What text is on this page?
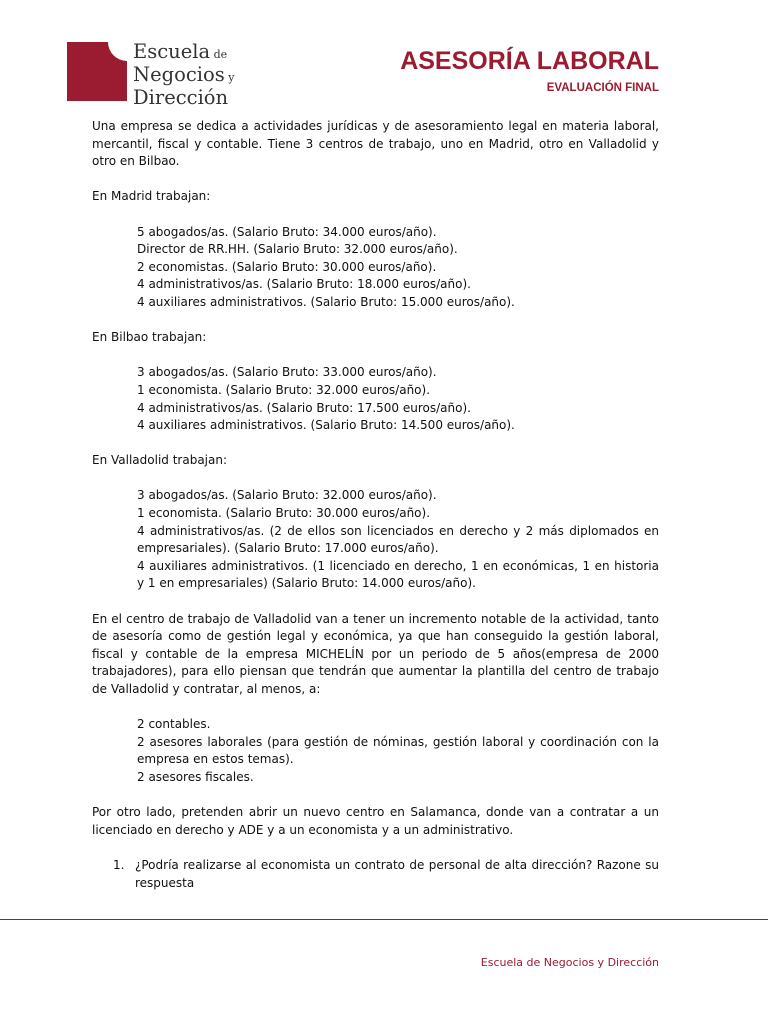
Escuela de
Negocios y
Dirección
ASESORÍA LABORAL
EVALUACIÓN FINAL

Una empresa se dedica a actividades jurídicas y de asesoramiento legal en materia laboral, mercantil, fiscal y contable. Tiene 3 centros de trabajo, uno en Madrid, otro en Valladolid y otro en Bilbao.

En Madrid trabajan:

5 abogados/as. (Salario Bruto: 34.000 euros/año).
Director de RR.HH. (Salario Bruto: 32.000 euros/año).
2 economistas. (Salario Bruto: 30.000 euros/año).
4 administrativos/as. (Salario Bruto: 18.000 euros/año).
4 auxiliares administrativos. (Salario Bruto: 15.000 euros/año).

En Bilbao trabajan:

3 abogados/as. (Salario Bruto: 33.000 euros/año).
1 economista. (Salario Bruto: 32.000 euros/año).
4 administrativos/as. (Salario Bruto: 17.500 euros/año).
4 auxiliares administrativos. (Salario Bruto: 14.500 euros/año).

En Valladolid trabajan:

3 abogados/as. (Salario Bruto: 32.000 euros/año).
1 economista. (Salario Bruto: 30.000 euros/año).
4 administrativos/as. (2 de ellos son licenciados en derecho y 2 más diplomados en empresariales). (Salario Bruto: 17.000 euros/año).
4 auxiliares administrativos. (1 licenciado en derecho, 1 en económicas, 1 en historia y 1 en empresariales) (Salario Bruto: 14.000 euros/año).

En el centro de trabajo de Valladolid van a tener un incremento notable de la actividad, tanto de asesoría como de gestión legal y económica, ya que han conseguido la gestión laboral, fiscal y contable de la empresa MICHELÍN por un periodo de 5 años(empresa de 2000 trabajadores), para ello piensan que tendrán que aumentar la plantilla del centro de trabajo de Valladolid y contratar, al menos, a:

2 contables.
2 asesores laborales (para gestión de nóminas, gestión laboral y coordinación con la empresa en estos temas).
2 asesores fiscales.

Por otro lado, pretenden abrir un nuevo centro en Salamanca, donde van a contratar a un licenciado en derecho y ADE y a un economista y a un administrativo.

1. ¿Podría realizarse al economista un contrato de personal de alta dirección? Razone su respuesta
Escuela de Negocios y Dirección
